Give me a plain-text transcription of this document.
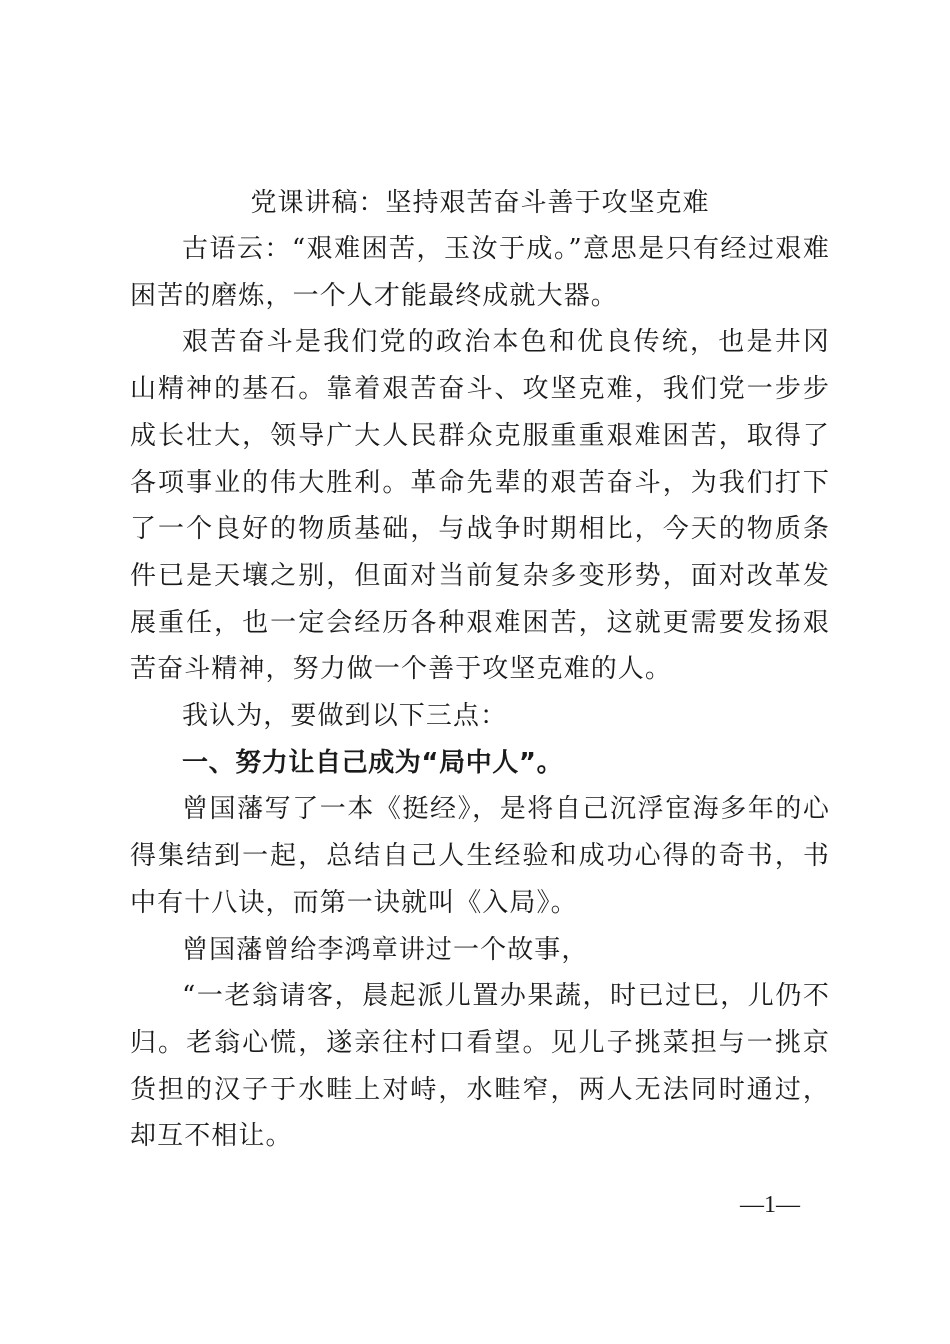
党课讲稿：坚持艰苦奋斗善于攻坚克难

古语云：“艰难困苦，玉汝于成。”意思是只有经过艰难困苦的磨炼，一个人才能最终成就大器。

艰苦奋斗是我们党的政治本色和优良传统，也是井冈山精神的基石。靠着艰苦奋斗、攻坚克难，我们党一步步成长壮大，领导广大人民群众克服重重艰难困苦，取得了各项事业的伟大胜利。革命先辈的艰苦奋斗，为我们打下了一个良好的物质基础，与战争时期相比，今天的物质条件已是天壤之别，但面对当前复杂多变形势，面对改革发展重任，也一定会经历各种艰难困苦，这就更需要发扬艰苦奋斗精神，努力做一个善于攻坚克难的人。

我认为，要做到以下三点：

一、努力让自己成为“局中人”。

曾国藩写了一本《挺经》，是将自己沉浮宦海多年的心得集结到一起，总结自己人生经验和成功心得的奇书，书中有十八诀，而第一诀就叫《入局》。

曾国藩曾给李鸿章讲过一个故事，

“一老翁请客，晨起派儿置办果蔬，时已过巳，儿仍不归。老翁心慌，遂亲往村口看望。见儿子挑菜担与一挑京货担的汉子于水畦上对峙，水畦窄，两人无法同时通过，却互不相让。

—1—
